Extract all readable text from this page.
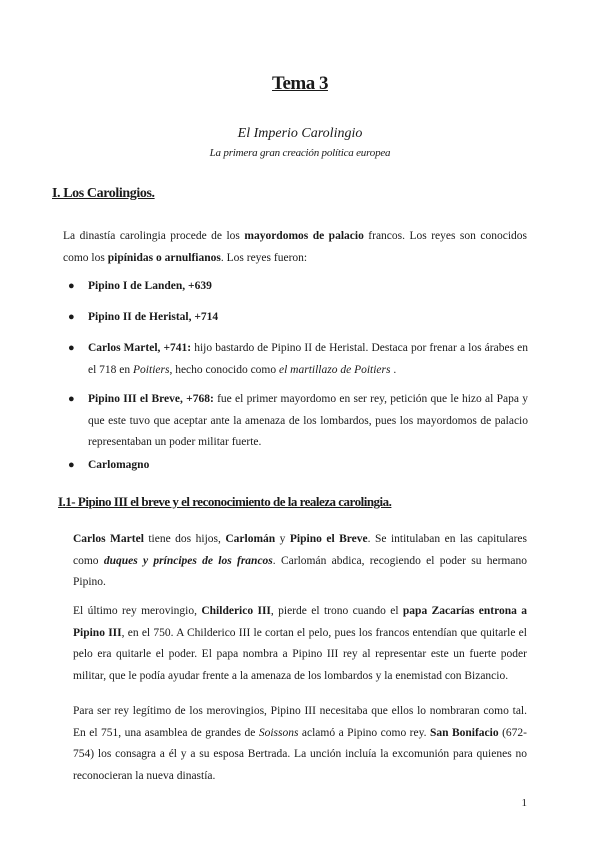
Tema 3
El Imperio Carolingio
La primera gran creación política europea
I. Los Carolingios.

La dinastía carolingia procede de los mayordomos de palacio francos. Los reyes son conocidos como los pipínidas o arnulfianos. Los reyes fueron:

● Pipino I de Landen, +639
● Pipino II de Heristal, +714
● Carlos Martel, +741: hijo bastardo de Pipino II de Heristal. Destaca por frenar a los árabes en el 718 en Poitiers, hecho conocido como el martillazo de Poitiers .
● Pipino III el Breve, +768: fue el primer mayordomo en ser rey, petición que le hizo al Papa y que este tuvo que aceptar ante la amenaza de los lombardos, pues los mayordomos de palacio representaban un poder militar fuerte.
● Carlomagno
I.1- Pipino III el breve y el reconocimiento de la realeza carolingia.

Carlos Martel tiene dos hijos, Carlomán y Pipino el Breve. Se intitulaban en las capitulares como duques y príncipes de los francos. Carlomán abdica, recogiendo el poder su hermano Pipino.

El último rey merovingio, Childerico III, pierde el trono cuando el papa Zacarías entrona a Pipino III, en el 750. A Childerico III le cortan el pelo, pues los francos entendían que quitarle el pelo era quitarle el poder. El papa nombra a Pipino III rey al representar este un fuerte poder militar, que le podía ayudar frente a la amenaza de los lombardos y la enemistad con Bizancio.

Para ser rey legítimo de los merovingios, Pipino III necesitaba que ellos lo nombraran como tal. En el 751, una asamblea de grandes de Soissons aclamó a Pipino como rey. San Bonifacio (672-754) los consagra a él y a su esposa Bertrada. La unción incluía la excomunión para quienes no reconocieran la nueva dinastía.

1
